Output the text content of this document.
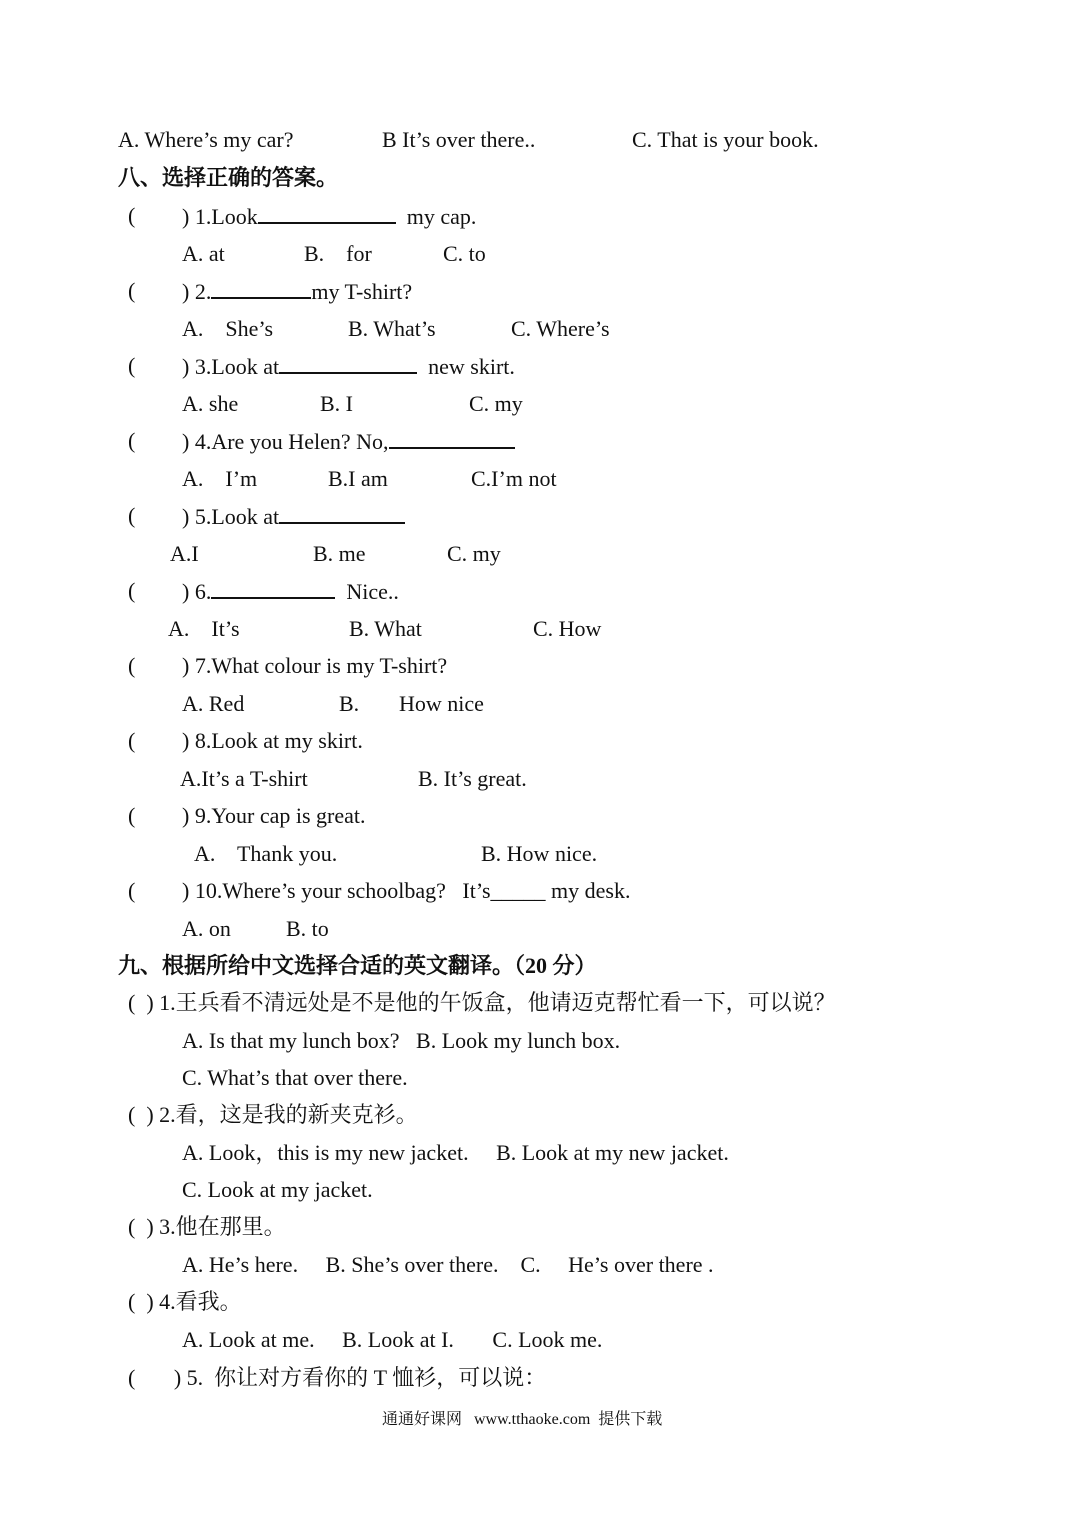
A. Where’s my car?	B It’s over there..	C. That is your book.
八、选择正确的答案。
( ) 1.Look	my cap.
A. at	B.    for	C. to
( ) 2.	my T-shirt?
A.    She’s	B. What’s	C. Where’s
( ) 3.Look at	new skirt.
A. she	B. I	C. my
( ) 4.Are you Helen? No,
A.    I’m	B.I am	C.I’m not
( ) 5.Look at
A.I	B. me	C. my
( ) 6.	Nice..
A.    It’s	B. What	C. How
( ) 7.What colour is my T-shirt?
A. Red	B. How nice
( ) 8.Look at my skirt.
A.It’s a T-shirt	B. It’s great.
( ) 9.Your cap is great.
A.    Thank you.	B. How nice.
( ) 10.Where’s your schoolbag?   It’s_____ my desk.
A. on	B. to
九、根据所给中文选择合适的英文翻译。（20 分）
(  ) 1.王兵看不清远处是不是他的午饭盒，他请迈克帮忙看一下，可以说？
A. Is that my lunch box?   B. Look my lunch box.
C. What’s that over there.
(  ) 2.看，这是我的新夹克衫。
A. Look，this is my new jacket.     B. Look at my new jacket.
C. Look at my jacket.
(  ) 3.他在那里。
A. He’s here.     B. She’s over there.    C.     He’s over there .
(  ) 4.看我。
A. Look at me.     B. Look at I.       C. Look me.
(       ) 5.  你让对方看你的 T 恤衫，可以说：
通通好课网   www.tthaoke.com  提供下载
